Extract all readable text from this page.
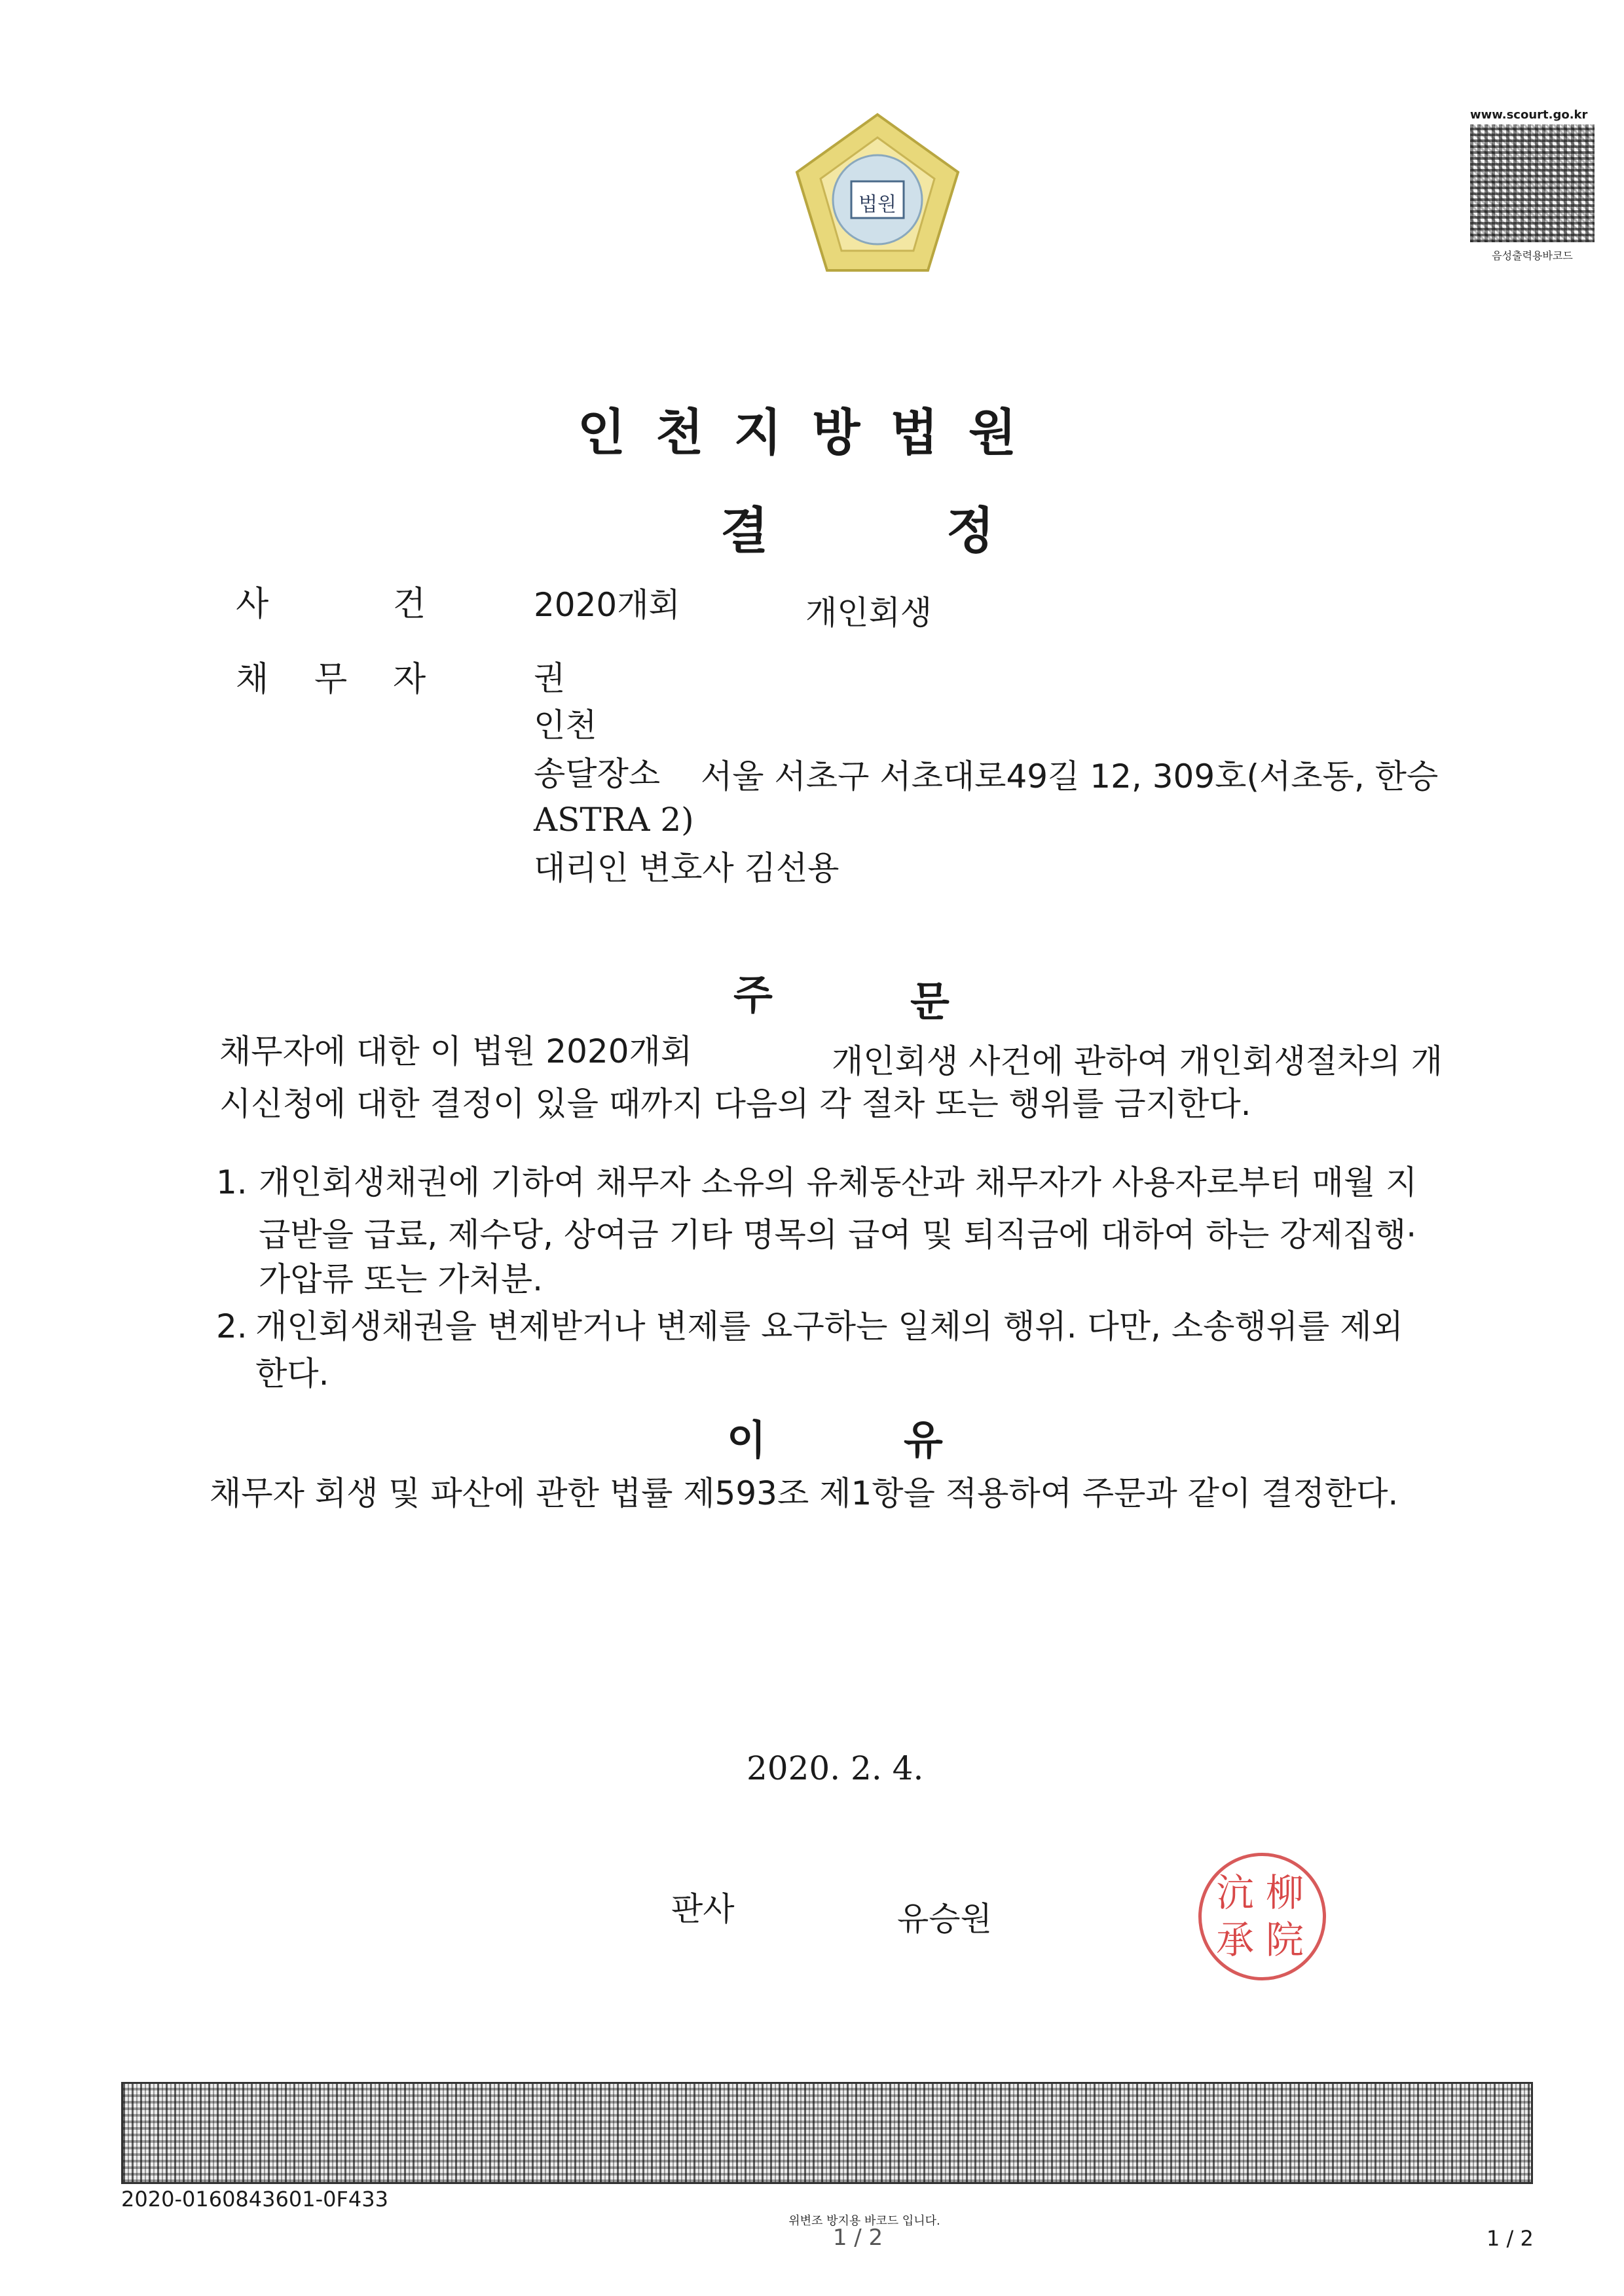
법원
www.scourt.go.kr
음성출력용바코드
인천지방법원
결	정
사	건	2020개회	개인회생
채 무 자	권
인천
송달장소 서울 서초구 서초대로49길 12, 309호(서초동, 한승
ASTRA 2)
대리인 변호사 김선용
주	문
채무자에 대한 이 법원 2020개회	개인회생 사건에 관하여 개인회생절차의 개
시신청에 대한 결정이 있을 때까지 다음의 각 절차 또는 행위를 금지한다.
1. 개인회생채권에 기하여 채무자 소유의 유체동산과 채무자가 사용자로부터 매월 지
급받을 급료, 제수당, 상여금 기타 명목의 급여 및 퇴직금에 대하여 하는 강제집행·
가압류 또는 가처분.
2. 개인회생채권을 변제받거나 변제를 요구하는 일체의 행위. 다만, 소송행위를 제외
한다.
이	유
채무자 회생 및 파산에 관한 법률 제593조 제1항을 적용하여 주문과 같이 결정한다.
2020. 2. 4.
판사	유승원
沆 柳
承 院
2020-0160843601-0F433
위변조 방지용 바코드 입니다.
1 / 2	1 / 2
